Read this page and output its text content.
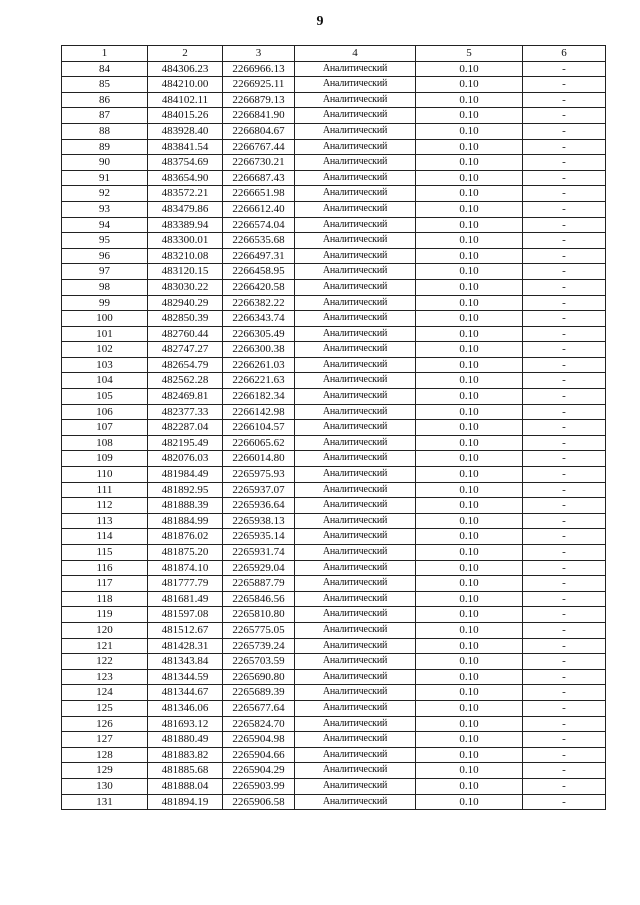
9
1	2	3	4	5	6
84	484306.23	2266966.13	Аналитический	0.10	-
85	484210.00	2266925.11	Аналитический	0.10	-
86	484102.11	2266879.13	Аналитический	0.10	-
87	484015.26	2266841.90	Аналитический	0.10	-
88	483928.40	2266804.67	Аналитический	0.10	-
89	483841.54	2266767.44	Аналитический	0.10	-
90	483754.69	2266730.21	Аналитический	0.10	-
91	483654.90	2266687.43	Аналитический	0.10	-
92	483572.21	2266651.98	Аналитический	0.10	-
93	483479.86	2266612.40	Аналитический	0.10	-
94	483389.94	2266574.04	Аналитический	0.10	-
95	483300.01	2266535.68	Аналитический	0.10	-
96	483210.08	2266497.31	Аналитический	0.10	-
97	483120.15	2266458.95	Аналитический	0.10	-
98	483030.22	2266420.58	Аналитический	0.10	-
99	482940.29	2266382.22	Аналитический	0.10	-
100	482850.39	2266343.74	Аналитический	0.10	-
101	482760.44	2266305.49	Аналитический	0.10	-
102	482747.27	2266300.38	Аналитический	0.10	-
103	482654.79	2266261.03	Аналитический	0.10	-
104	482562.28	2266221.63	Аналитический	0.10	-
105	482469.81	2266182.34	Аналитический	0.10	-
106	482377.33	2266142.98	Аналитический	0.10	-
107	482287.04	2266104.57	Аналитический	0.10	-
108	482195.49	2266065.62	Аналитический	0.10	-
109	482076.03	2266014.80	Аналитический	0.10	-
110	481984.49	2265975.93	Аналитический	0.10	-
111	481892.95	2265937.07	Аналитический	0.10	-
112	481888.39	2265936.64	Аналитический	0.10	-
113	481884.99	2265938.13	Аналитический	0.10	-
114	481876.02	2265935.14	Аналитический	0.10	-
115	481875.20	2265931.74	Аналитический	0.10	-
116	481874.10	2265929.04	Аналитический	0.10	-
117	481777.79	2265887.79	Аналитический	0.10	-
118	481681.49	2265846.56	Аналитический	0.10	-
119	481597.08	2265810.80	Аналитический	0.10	-
120	481512.67	2265775.05	Аналитический	0.10	-
121	481428.31	2265739.24	Аналитический	0.10	-
122	481343.84	2265703.59	Аналитический	0.10	-
123	481344.59	2265690.80	Аналитический	0.10	-
124	481344.67	2265689.39	Аналитический	0.10	-
125	481346.06	2265677.64	Аналитический	0.10	-
126	481693.12	2265824.70	Аналитический	0.10	-
127	481880.49	2265904.98	Аналитический	0.10	-
128	481883.82	2265904.66	Аналитический	0.10	-
129	481885.68	2265904.29	Аналитический	0.10	-
130	481888.04	2265903.99	Аналитический	0.10	-
131	481894.19	2265906.58	Аналитический	0.10	-
